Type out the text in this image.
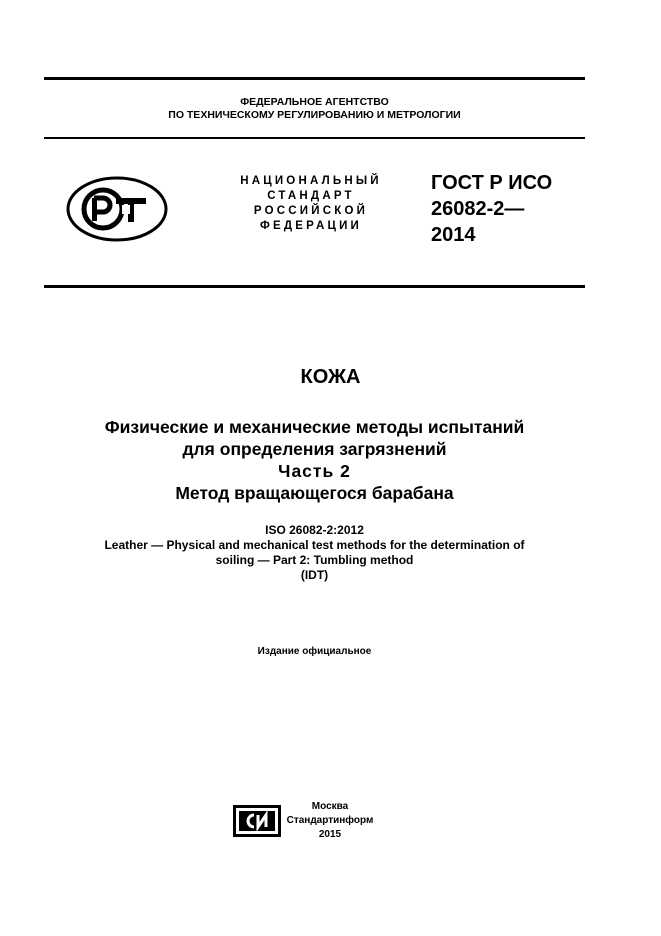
ФЕДЕРАЛЬНОЕ АГЕНТСТВО
ПО ТЕХНИЧЕСКОМУ РЕГУЛИРОВАНИЮ И МЕТРОЛОГИИ
НАЦИОНАЛЬНЫЙ
СТАНДАРТ
РОССИЙСКОЙ
ФЕДЕРАЦИИ
ГОСТ Р ИСО
26082-2—
2014
КОЖА
Физические и механические методы испытаний
для определения загрязнений
Часть 2
Метод вращающегося барабана
ISO 26082-2:2012
Leather — Physical and mechanical test methods for the determination of
soiling — Part 2: Tumbling method
(IDT)
Издание официальное
Москва
Стандартинформ
2015
